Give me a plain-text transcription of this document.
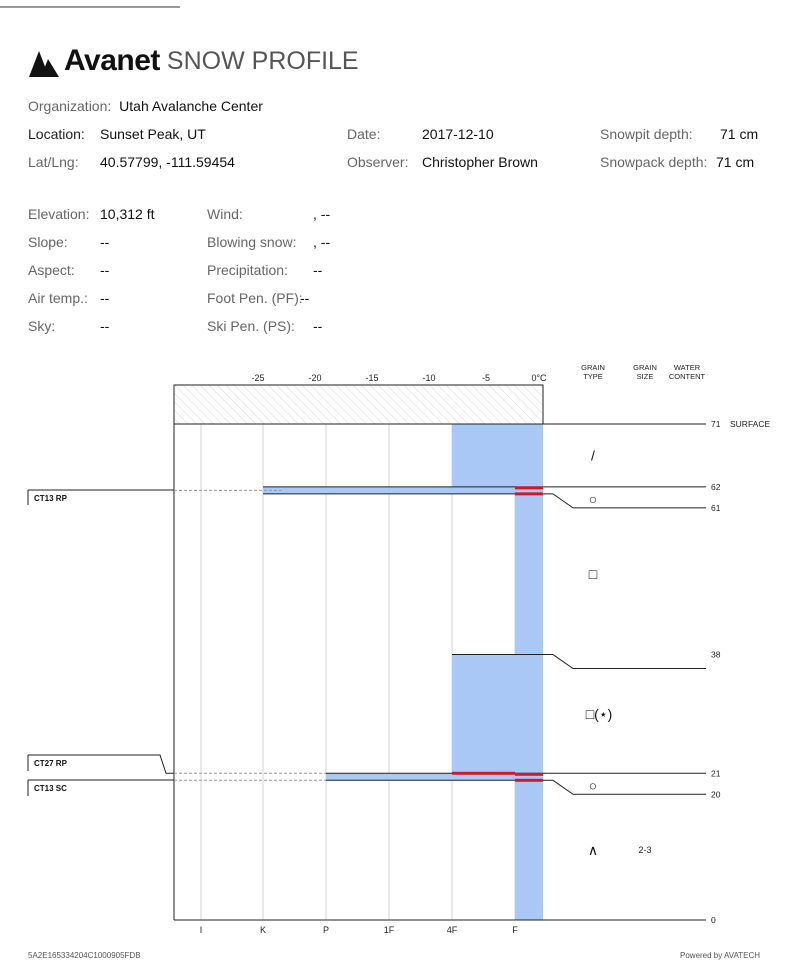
Avanet SNOW PROFILE
Organization: Utah Avalanche Center
Location: Sunset Peak, UT
Lat/Lng: 40.57799, -111.59454
Date:	2017-12-10
Observer: Christopher Brown
Snowpit depth: 71 cm
Snowpack depth: 71 cm
Elevation: 10,312 ft
Slope: --
Aspect: --
Air temp.: --
Sky:	--
Wind:	, --
Blowing snow: , --
Precipitation: --
Foot Pen. (PF):
--
Ski Pen. (PS): --
-25	-20	-15	-10	-5	0°C
GRAIN
TYPE
GRAIN
SIZE
WATER
CONTENT
71
62
61
38
21
20
0
SURFACE
I	K	P	1F	4F	F
/
○
□
□(⋆)
○
∧	2-3
CT13 RP
CT27 RP
CT13 SC
5A2E165334204C1000905FDB	Powered by AVATECH
